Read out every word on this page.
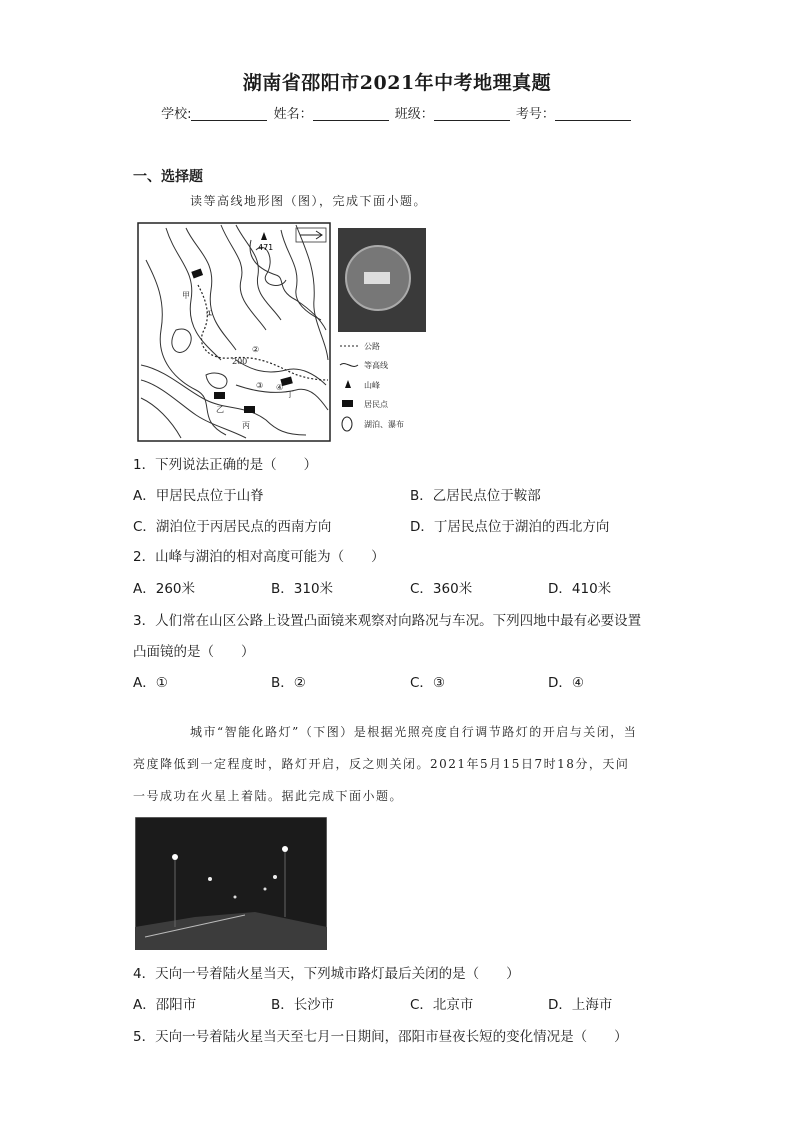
湖南省邵阳市2021年中考地理真题
学校:	姓名：	班级：	考号：
一、选择题
读等高线地形图（图），完成下面小题。
471
甲
乙
丙
丁
①
②
③ ④
200
公路
等高线
山峰
居民点
湖泊、瀑布
1．下列说法正确的是（　　）
A．甲居民点位于山脊	B．乙居民点位于鞍部
C．湖泊位于丙居民点的西南方向	D．丁居民点位于湖泊的西北方向
2．山峰与湖泊的相对高度可能为（　　）
A．260米	B．310米	C．360米	D．410米
3．人们常在山区公路上设置凸面镜来观察对向路况与车况。下列四地中最有必要设置
凸面镜的是（　　）
A．①	B．②	C．③	D．④
城市“智能化路灯”（下图）是根据光照亮度自行调节路灯的开启与关闭，当
亮度降低到一定程度时，路灯开启，反之则关闭。2021年5月15日7时18分，天问
一号成功在火星上着陆。据此完成下面小题。
4．天向一号着陆火星当天，下列城市路灯最后关闭的是（　　）
A．邵阳市	B．长沙市	C．北京市	D．上海市
5．天向一号着陆火星当天至七月一日期间，邵阳市昼夜长短的变化情况是（　　）
